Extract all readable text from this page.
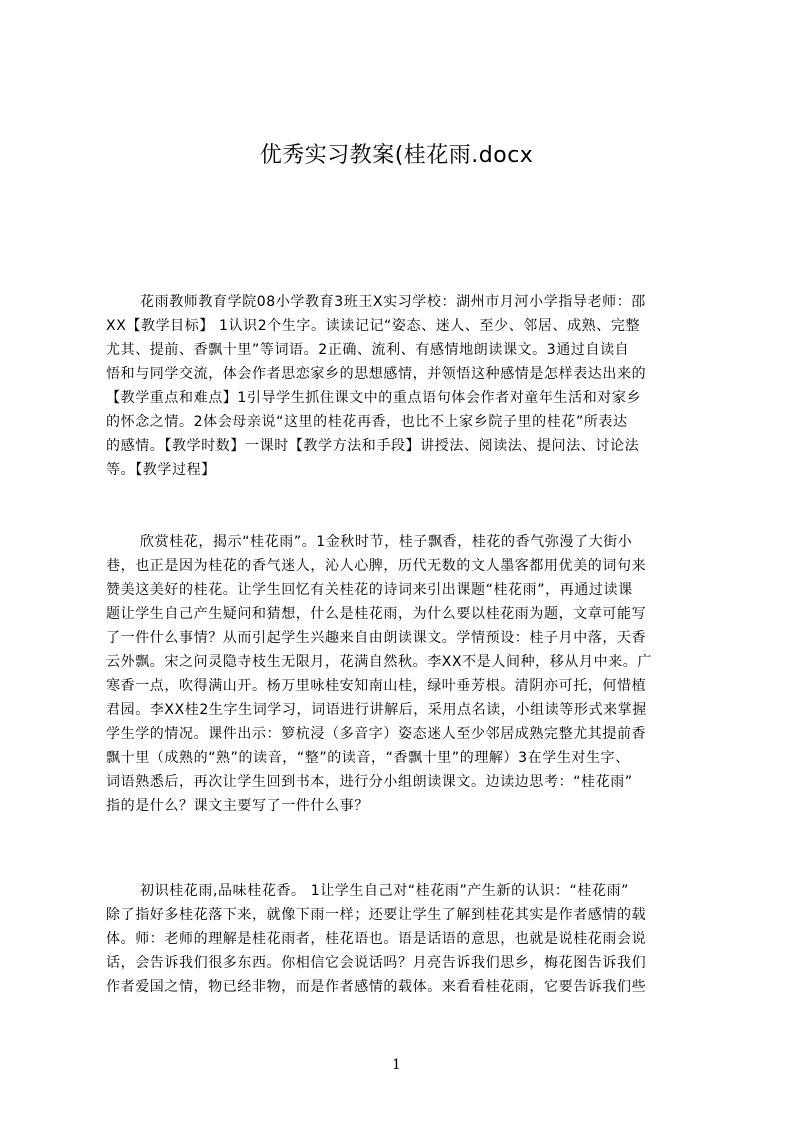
优秀实习教案(桂花雨.docx
花雨教师教育学院08小学教育3班王X实习学校：湖州市月河小学指导老师：邵
XX【教学目标】 1认识2个生字。读读记记“姿态、迷人、至少、邻居、成熟、完整
尤其、提前、香飘十里”等词语。2正确、流利、有感情地朗读课文。3通过自读自
悟和与同学交流，体会作者思恋家乡的思想感情，并领悟这种感情是怎样表达出来的
【教学重点和难点】1引导学生抓住课文中的重点语句体会作者对童年生活和对家乡
的怀念之情。2体会母亲说“这里的桂花再香，也比不上家乡院子里的桂花”所表达
的感情。【教学时数】一课时【教学方法和手段】讲授法、阅读法、提问法、讨论法
等。【教学过程】
欣赏桂花，揭示“桂花雨”。1金秋时节，桂子飘香，桂花的香气弥漫了大街小
巷，也正是因为桂花的香气迷人，沁人心脾，历代无数的文人墨客都用优美的词句来
赞美这美好的桂花。让学生回忆有关桂花的诗词来引出课题“桂花雨”，再通过读课
题让学生自己产生疑问和猜想，什么是桂花雨，为什么要以桂花雨为题，文章可能写
了一件什么事情？从而引起学生兴趣来自由朗读课文。学情预设：桂子月中落，天香
云外飘。宋之问灵隐寺枝生无限月，花满自然秋。李XX不是人间种，移从月中来。广
寒香一点，吹得满山开。杨万里咏桂安知南山桂，绿叶垂芳根。清阴亦可托，何惜植
君园。李XX桂2生字生词学习，词语进行讲解后，采用点名读，小组读等形式来掌握
学生学的情况。课件出示：箩杭浸（多音字）姿态迷人至少邻居成熟完整尤其提前香
飘十里（成熟的“熟”的读音，“整”的读音，“香飘十里”的理解）3在学生对生字、
词语熟悉后，再次让学生回到书本，进行分小组朗读课文。边读边思考：“桂花雨”
指的是什么？课文主要写了一件什么事？
初识桂花雨,品味桂花香。 1让学生自己对“桂花雨”产生新的认识：“桂花雨”
除了指好多桂花落下来，就像下雨一样；还要让学生了解到桂花其实是作者感情的载
体。师：老师的理解是桂花雨者，桂花语也。语是话语的意思，也就是说桂花雨会说
话，会告诉我们很多东西。你相信它会说话吗？月亮告诉我们思乡，梅花图告诉我们
作者爱国之情，物已经非物，而是作者感情的载体。来看看桂花雨，它要告诉我们些
1
